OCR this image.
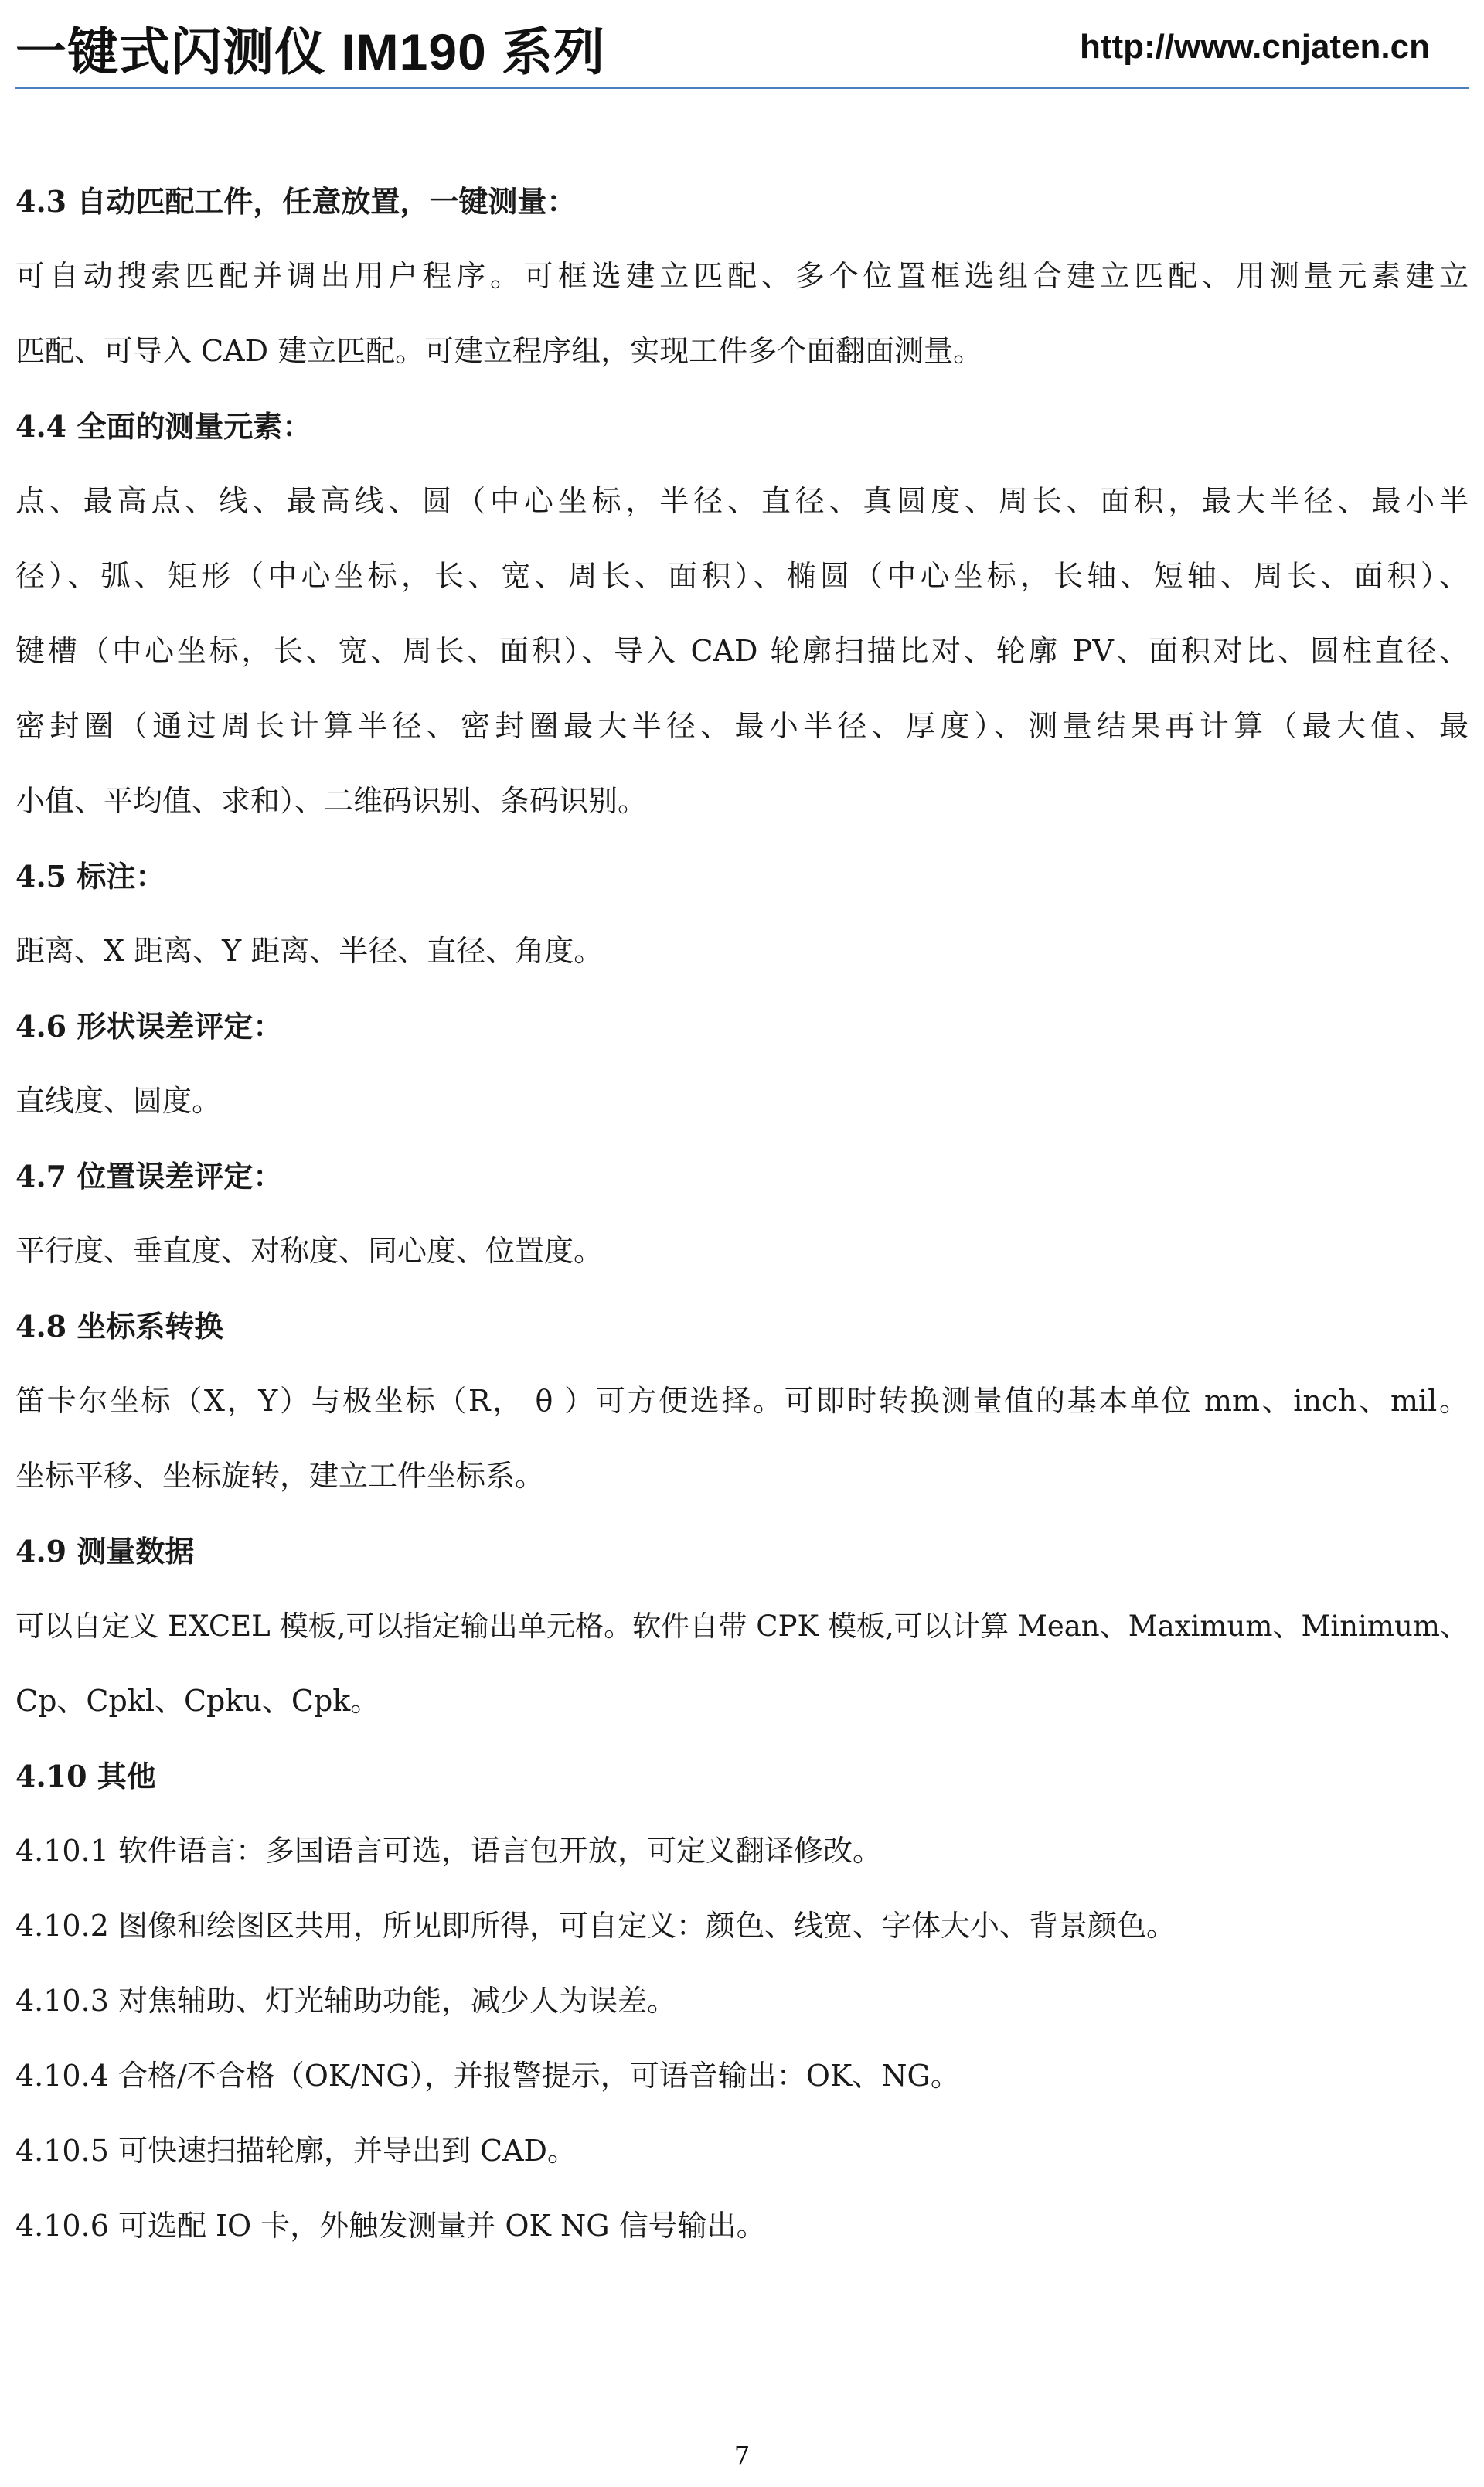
一键式闪测仪 IM190 系列	http://www.cnjaten.cn
4.3 自动匹配工件，任意放置，一键测量：
可自动搜索匹配并调出用户程序。可框选建立匹配、多个位置框选组合建立匹配、用测量元素建立
匹配、可导入 CAD 建立匹配。可建立程序组，实现工件多个面翻面测量。
4.4 全面的测量元素：
点、最高点、线、最高线、圆（中心坐标，半径、直径、真圆度、周长、面积，最大半径、最小半
径）、弧、矩形（中心坐标，长、宽、周长、面积）、椭圆（中心坐标，长轴、短轴、周长、面积）、
键槽（中心坐标，长、宽、周长、面积）、导入 CAD 轮廓扫描比对、轮廓 PV、面积对比、圆柱直径、
密封圈（通过周长计算半径、密封圈最大半径、最小半径、厚度）、测量结果再计算（最大值、最
小值、平均值、求和）、二维码识别、条码识别。
4.5 标注：
距离、X 距离、Y 距离、半径、直径、角度。
4.6 形状误差评定：
直线度、圆度。
4.7 位置误差评定：
平行度、垂直度、对称度、同心度、位置度。
4.8 坐标系转换
笛卡尔坐标（X，Y）与极坐标（R， θ ）可方便选择。可即时转换测量值的基本单位 mm、inch、mil。
坐标平移、坐标旋转，建立工件坐标系。
4.9 测量数据
可以自定义 EXCEL 模板,可以指定输出单元格。软件自带 CPK 模板,可以计算 Mean、Maximum、Minimum、
Cp、Cpkl、Cpku、Cpk。
4.10 其他
4.10.1 软件语言：多国语言可选，语言包开放，可定义翻译修改。
4.10.2 图像和绘图区共用，所见即所得，可自定义：颜色、线宽、字体大小、背景颜色。
4.10.3 对焦辅助、灯光辅助功能，减少人为误差。
4.10.4 合格/不合格（OK/NG），并报警提示，可语音输出：OK、NG。
4.10.5 可快速扫描轮廓，并导出到 CAD。
4.10.6 可选配 IO 卡，外触发测量并 OK NG 信号输出。
7
